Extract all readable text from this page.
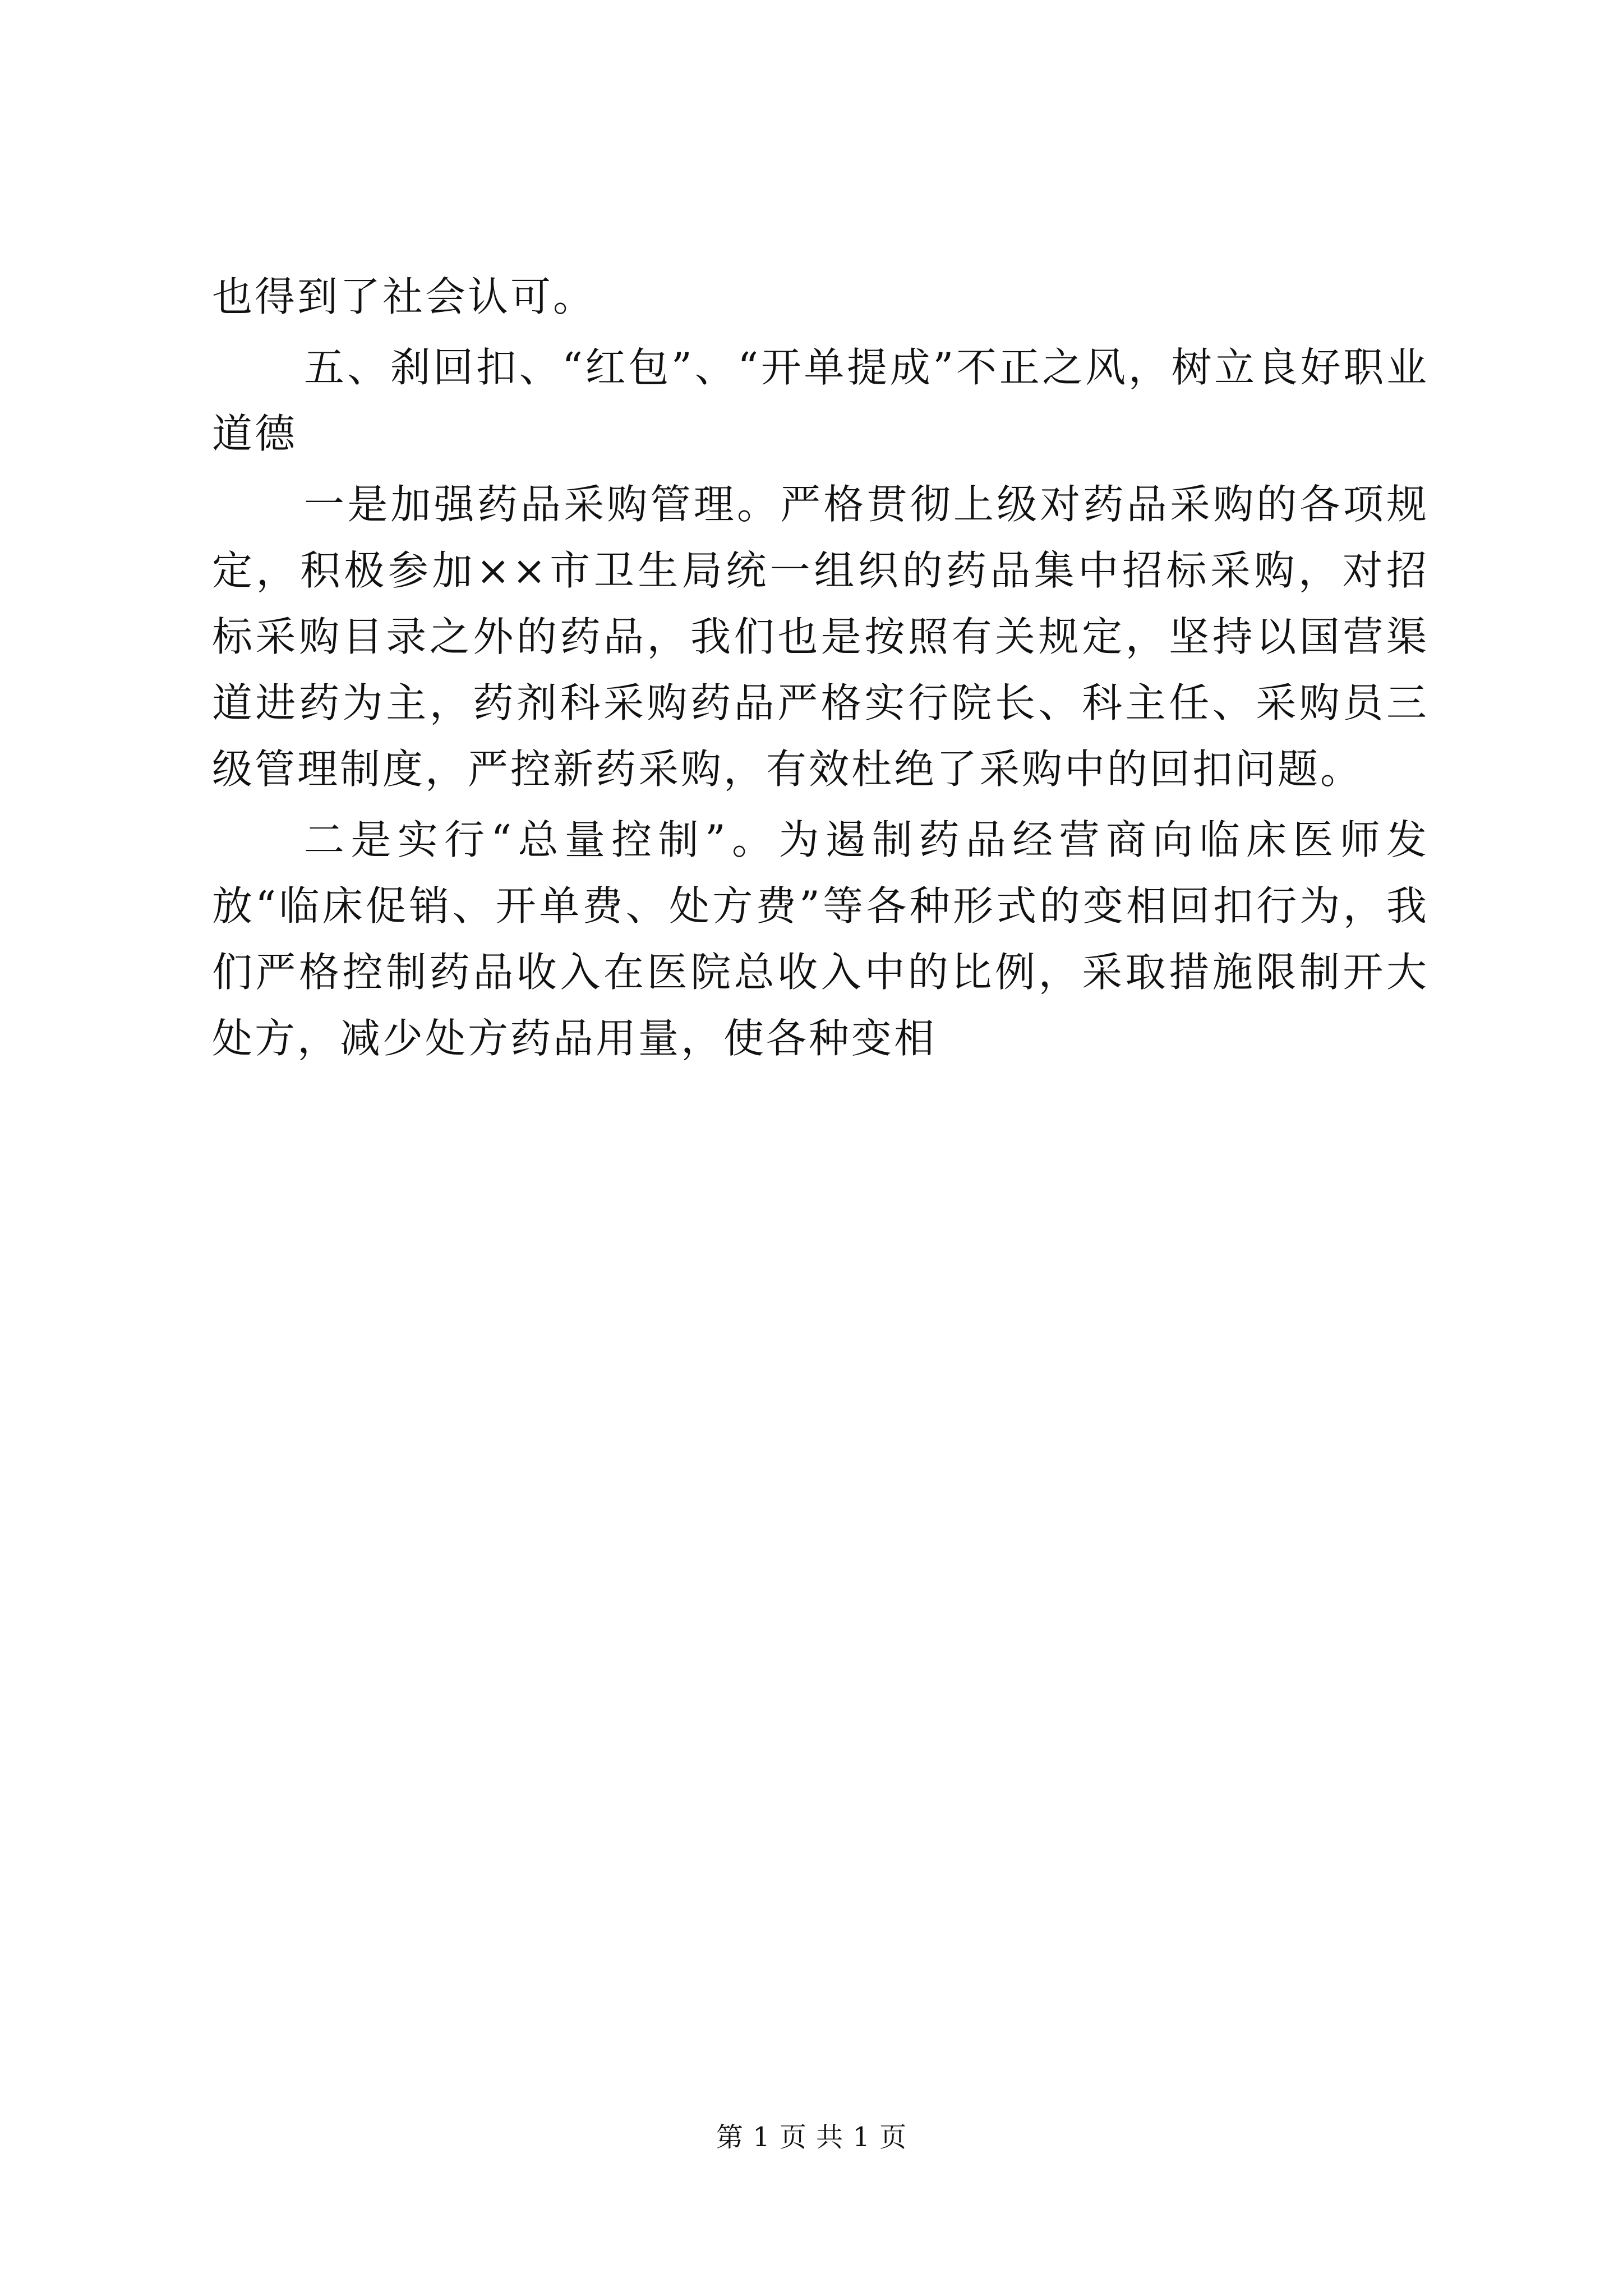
也得到了社会认可。

五、刹回扣、“红包”、“开单提成”不正之风，树立良好职业道德

一是加强药品采购管理。严格贯彻上级对药品采购的各项规定，积极参加××市卫生局统一组织的药品集中招标采购，对招标采购目录之外的药品，我们也是按照有关规定，坚持以国营渠道进药为主，药剂科采购药品严格实行院长、科主任、采购员三级管理制度，严控新药采购，有效杜绝了采购中的回扣问题。

二是实行“总量控制”。为遏制药品经营商向临床医师发放“临床促销、开单费、处方费”等各种形式的变相回扣行为，我们严格控制药品收入在医院总收入中的比例，采取措施限制开大处方，减少处方药品用量，使各种变相

第 1 页 共 1 页
